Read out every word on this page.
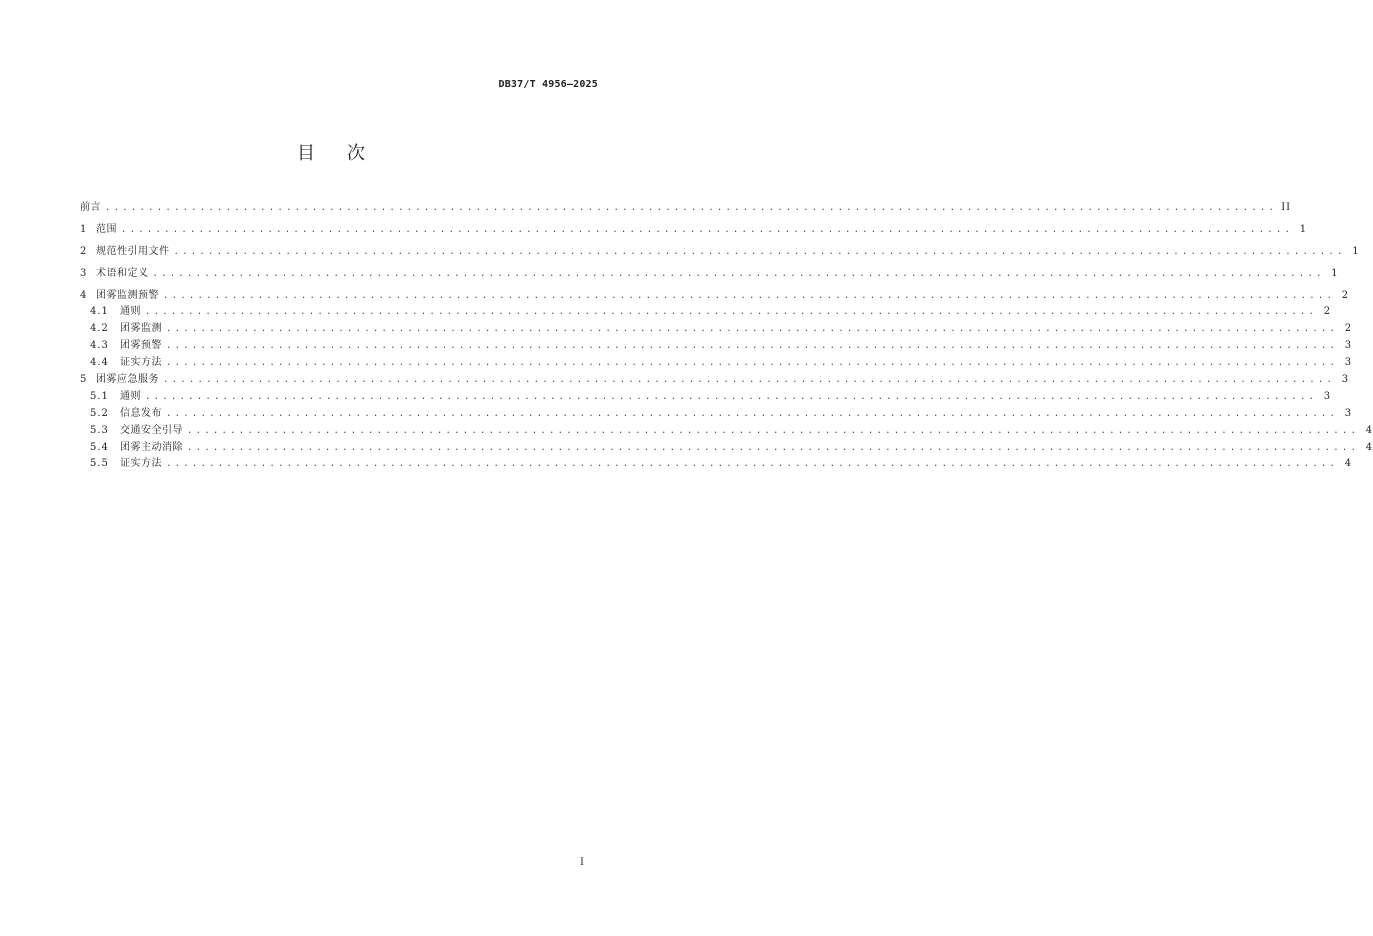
DB37/T 4956—2025
目次
前言 ........................................................................................................................................ II
1 范围 ........................................................................................................................................ 1
2 规范性引用文件 ........................................................................................................................................ 1
3 术语和定义 ........................................................................................................................................ 1
4 团雾监测预警 ........................................................................................................................................ 2
4.1	通则 ........................................................................................................................................ 2
4.2	团雾监测 ........................................................................................................................................ 2
4.3	团雾预警 ........................................................................................................................................ 3
4.4	证实方法 ........................................................................................................................................ 3
5 团雾应急服务 ........................................................................................................................................ 3
5.1	通则 ........................................................................................................................................ 3
5.2	信息发布 ........................................................................................................................................ 3
5.3	交通安全引导 ........................................................................................................................................ 4
5.4	团雾主动消除 ........................................................................................................................................ 4
5.5	证实方法 ........................................................................................................................................ 4
I
